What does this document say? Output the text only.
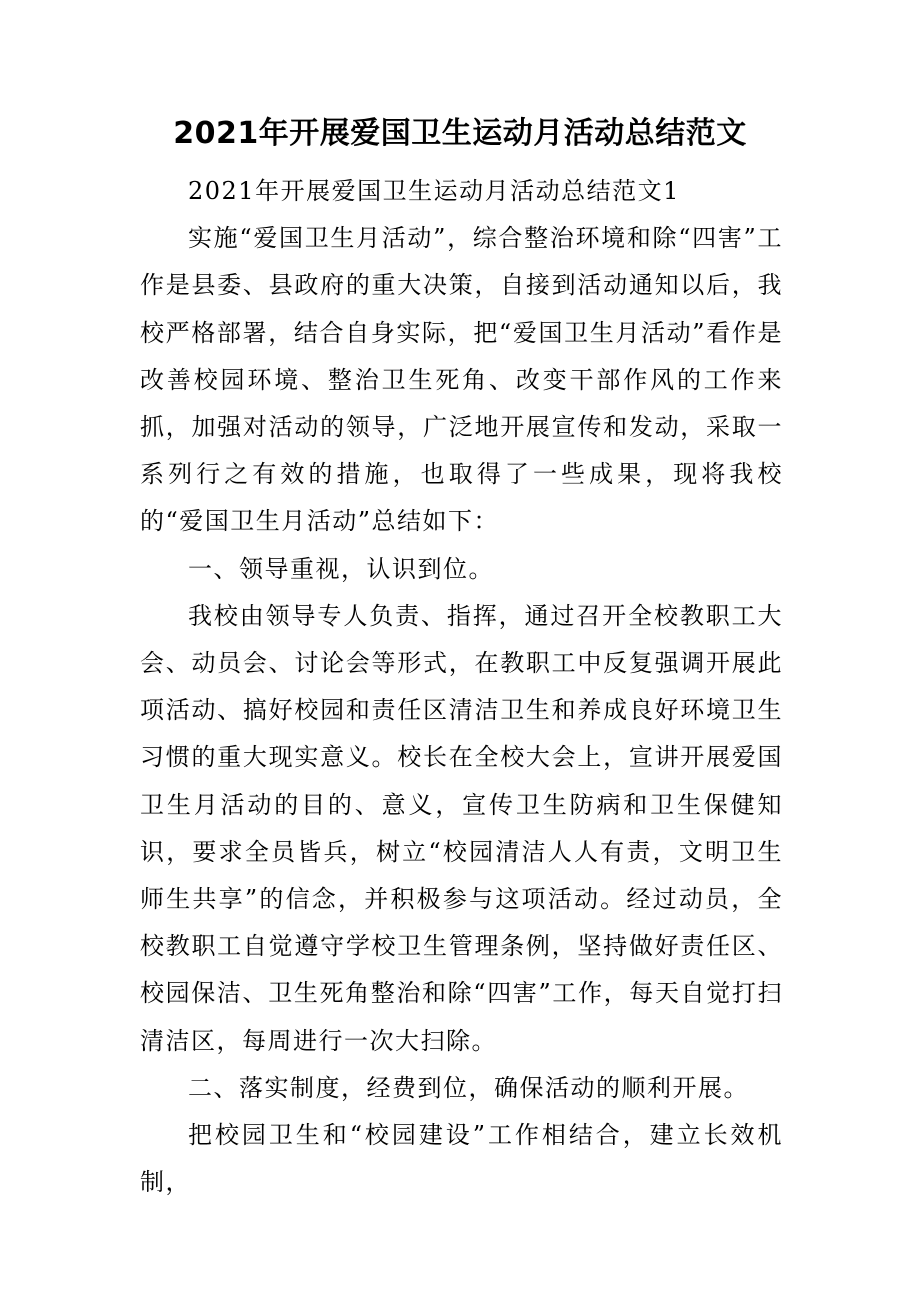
2021年开展爱国卫生运动月活动总结范文

2021年开展爱国卫生运动月活动总结范文1

实施“爱国卫生月活动”，综合整治环境和除“四害”工作是县委、县政府的重大决策，自接到活动通知以后，我校严格部署，结合自身实际，把“爱国卫生月活动”看作是改善校园环境、整治卫生死角、改变干部作风的工作来抓，加强对活动的领导，广泛地开展宣传和发动，采取一系列行之有效的措施，也取得了一些成果，现将我校的“爱国卫生月活动”总结如下：

一、领导重视，认识到位。

我校由领导专人负责、指挥，通过召开全校教职工大会、动员会、讨论会等形式，在教职工中反复强调开展此项活动、搞好校园和责任区清洁卫生和养成良好环境卫生习惯的重大现实意义。校长在全校大会上，宣讲开展爱国卫生月活动的目的、意义，宣传卫生防病和卫生保健知识，要求全员皆兵，树立“校园清洁人人有责，文明卫生师生共享”的信念，并积极参与这项活动。经过动员，全校教职工自觉遵守学校卫生管理条例，坚持做好责任区、校园保洁、卫生死角整治和除“四害”工作，每天自觉打扫清洁区，每周进行一次大扫除。

二、落实制度，经费到位，确保活动的顺利开展。

把校园卫生和“校园建设”工作相结合，建立长效机制，
